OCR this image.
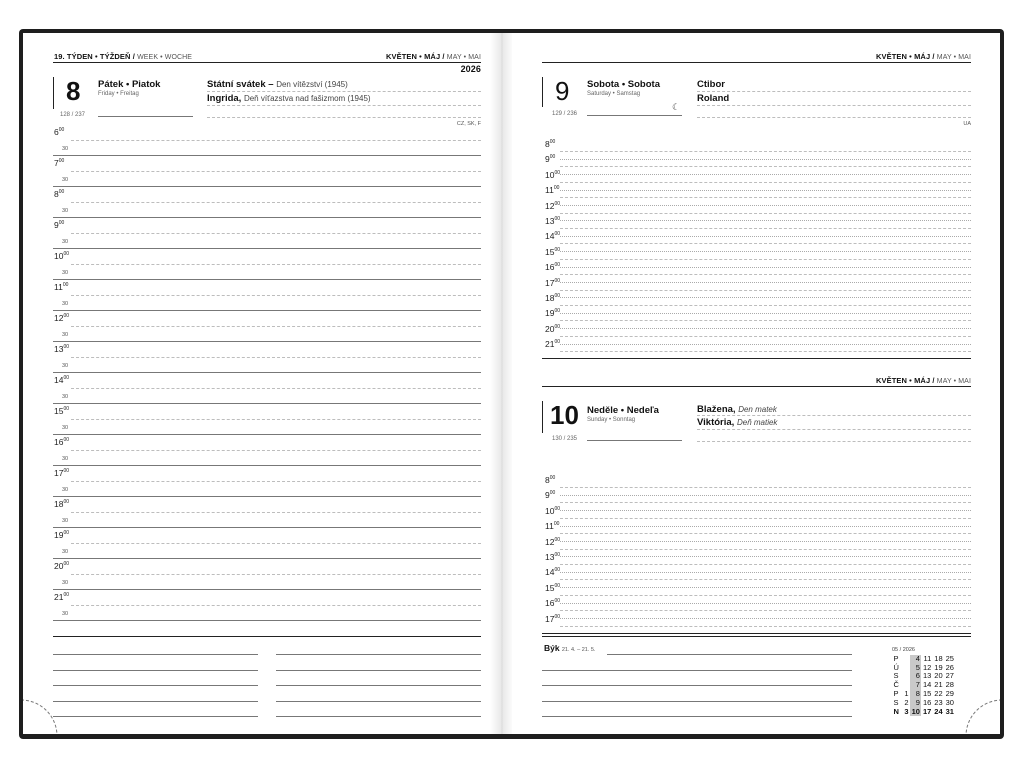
19. TÝDEN • TÝŽDEŇ / WEEK • WOCHE	KVĚTEN • MÁJ / MAY • MAI
2026
8 Pátek • Piatok
Friday • Freitag
128 / 237
Státní svátek – Den vítězství (1945)
Ingrida, Deň víťazstva nad fašizmom (1945)
CZ, SK, F
$6^{00}$
30
$7^{00}$
30
$8^{00}$
30
$9^{00}$
30
$10^{00}$
30
$11^{00}$
30
$12^{00}$
30
$13^{00}$
30
$14^{00}$
30
$15^{00}$
30
$16^{00}$
30
$17^{00}$
30
$18^{00}$
30
$19^{00}$
30
$20^{00}$
30
$21^{00}$
30
KVĚTEN • MÁJ / MAY • MAI
9 Sobota • Sobota
Saturday • Samstag
☾
129 / 236
Ctibor
Roland
UA
$8^{00}$
$9^{00}$
$10^{00}$
$11^{00}$
$12^{00}$
$13^{00}$
$14^{00}$
$15^{00}$
$16^{00}$
$17^{00}$
$18^{00}$
$19^{00}$
$20^{00}$
$21^{00}$
KVĚTEN • MÁJ / MAY • MAI
10 Neděle • Nedeľa
Sunday • Sonntag
130 / 235
Blažena, Den matek
Viktória, Deň matiek
$8^{00}$
$9^{00}$
$10^{00}$
$11^{00}$
$12^{00}$
$13^{00}$
$14^{00}$
$15^{00}$
$16^{00}$
$17^{00}$
Býk 21. 4. – 21. 5.	05 / 2026
P		4	11	18	25
Ú		5	12	19	26
S		6	13	20	27
Č		7	14	21	28
P	1	8	15	22	29
S	2	9	16	23	30
N	3	10	17	24	31
